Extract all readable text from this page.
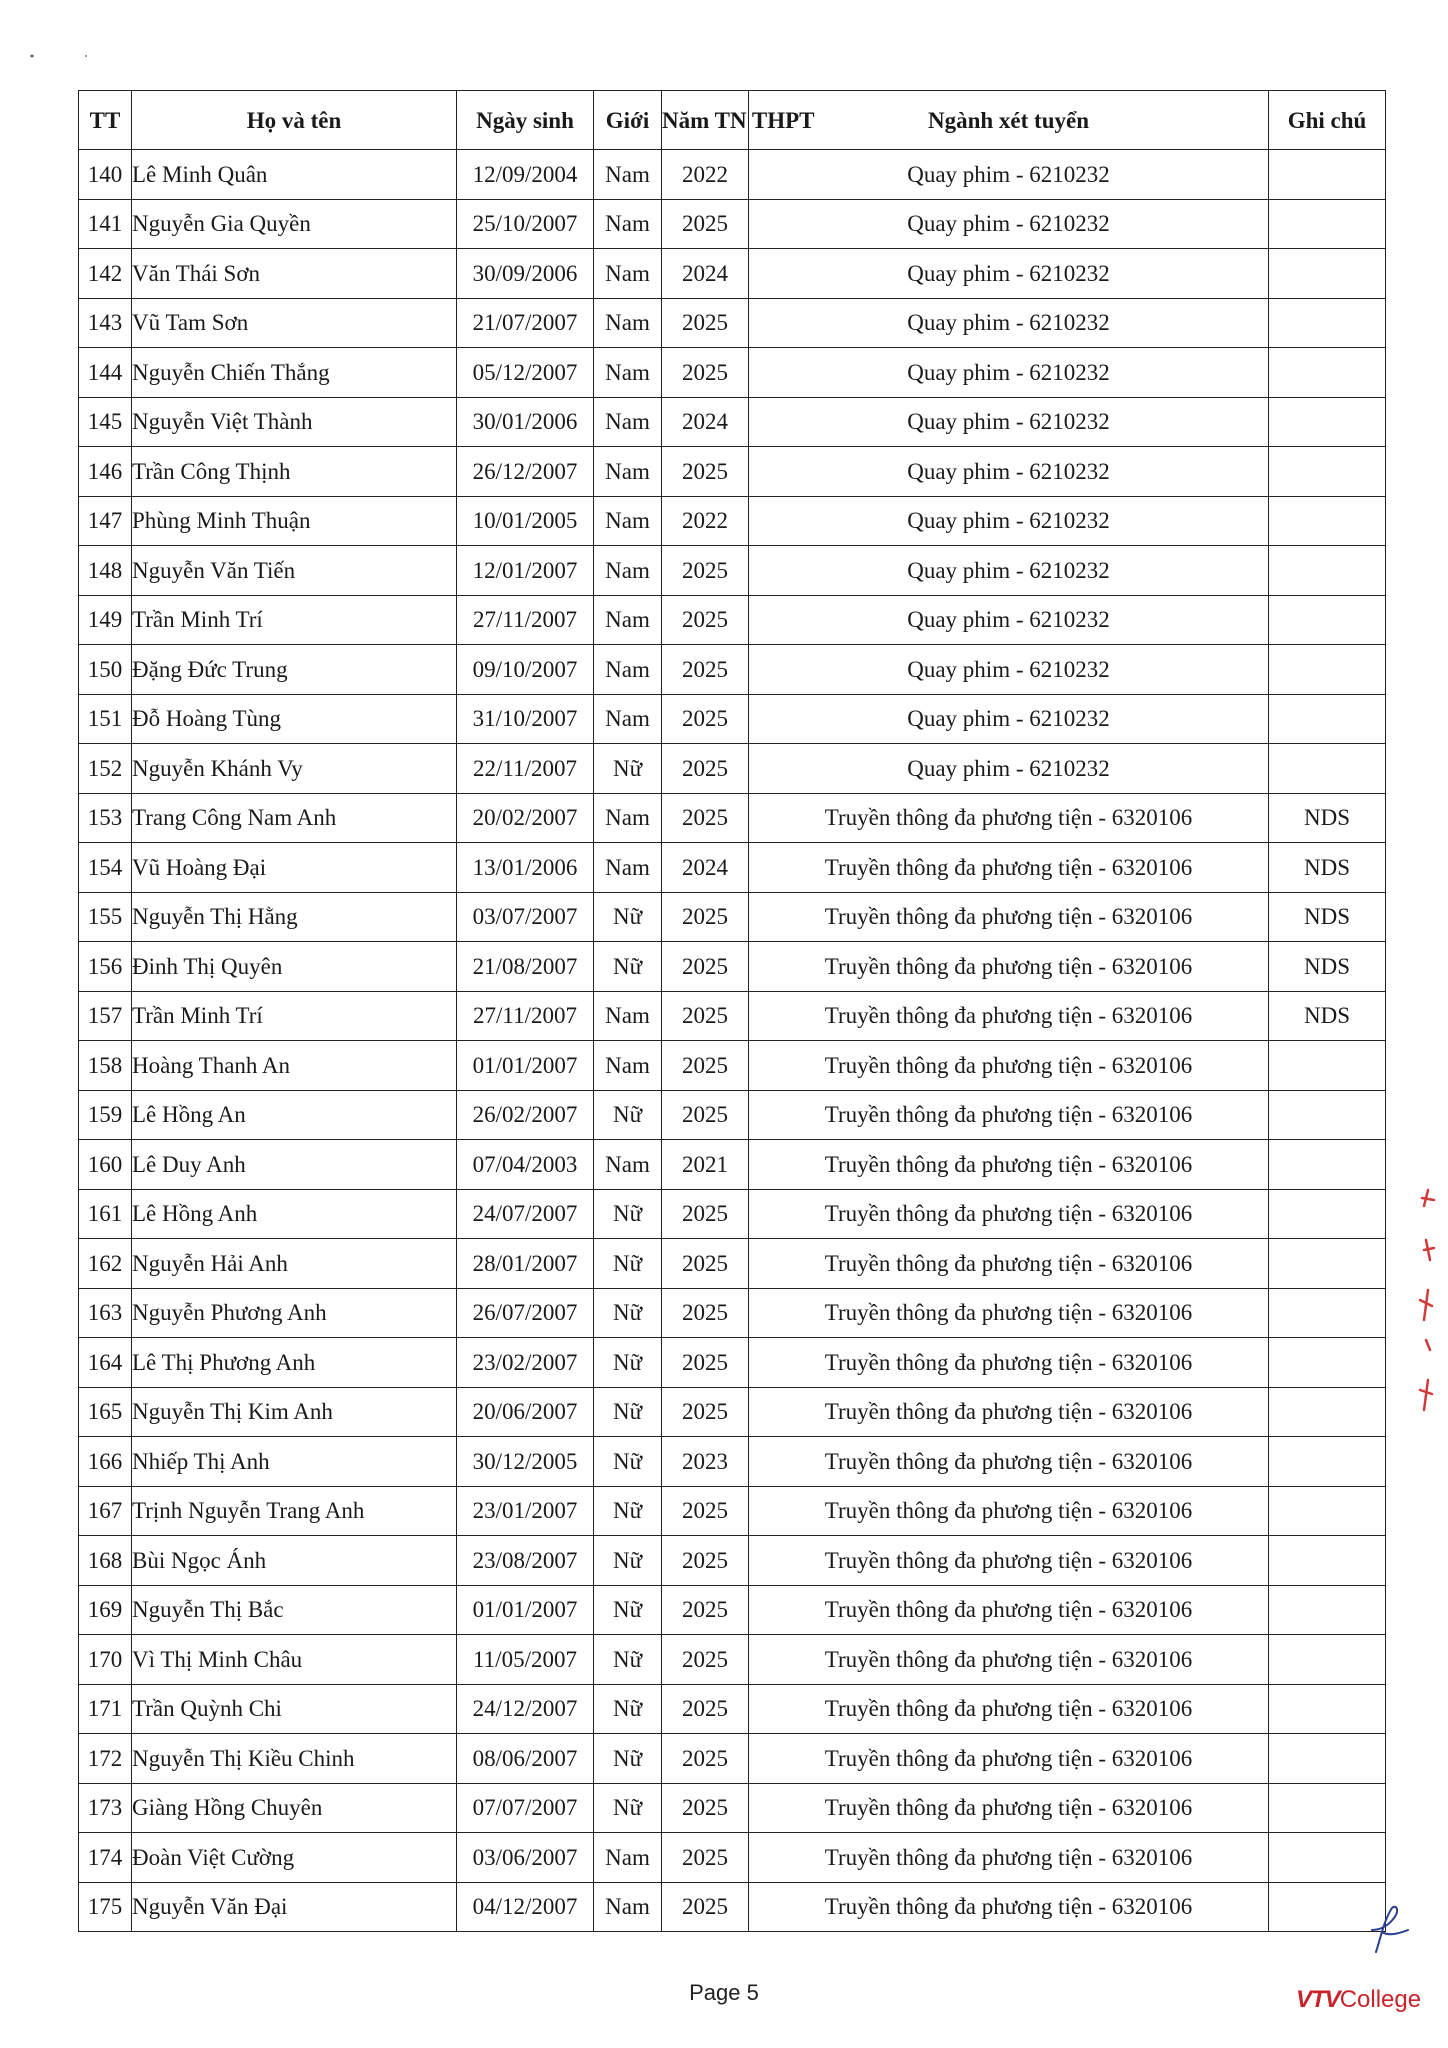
TT	Họ và tên	Ngày sinh	Giới	Năm TN THPT	Ngành xét tuyển	Ghi chú
140	Lê Minh Quân	12/09/2004	Nam	2022	Quay phim - 6210232	
141	Nguyễn Gia Quyền	25/10/2007	Nam	2025	Quay phim - 6210232	
142	Văn Thái Sơn	30/09/2006	Nam	2024	Quay phim - 6210232	
143	Vũ Tam Sơn	21/07/2007	Nam	2025	Quay phim - 6210232	
144	Nguyễn Chiến Thắng	05/12/2007	Nam	2025	Quay phim - 6210232	
145	Nguyễn Việt Thành	30/01/2006	Nam	2024	Quay phim - 6210232	
146	Trần Công Thịnh	26/12/2007	Nam	2025	Quay phim - 6210232	
147	Phùng Minh Thuận	10/01/2005	Nam	2022	Quay phim - 6210232	
148	Nguyễn Văn Tiến	12/01/2007	Nam	2025	Quay phim - 6210232	
149	Trần Minh Trí	27/11/2007	Nam	2025	Quay phim - 6210232	
150	Đặng Đức Trung	09/10/2007	Nam	2025	Quay phim - 6210232	
151	Đỗ Hoàng Tùng	31/10/2007	Nam	2025	Quay phim - 6210232	
152	Nguyễn Khánh Vy	22/11/2007	Nữ	2025	Quay phim - 6210232	
153	Trang Công Nam Anh	20/02/2007	Nam	2025	Truyền thông đa phương tiện - 6320106	NDS
154	Vũ Hoàng Đại	13/01/2006	Nam	2024	Truyền thông đa phương tiện - 6320106	NDS
155	Nguyễn Thị Hằng	03/07/2007	Nữ	2025	Truyền thông đa phương tiện - 6320106	NDS
156	Đinh Thị Quyên	21/08/2007	Nữ	2025	Truyền thông đa phương tiện - 6320106	NDS
157	Trần Minh Trí	27/11/2007	Nam	2025	Truyền thông đa phương tiện - 6320106	NDS
158	Hoàng Thanh An	01/01/2007	Nam	2025	Truyền thông đa phương tiện - 6320106	
159	Lê Hồng An	26/02/2007	Nữ	2025	Truyền thông đa phương tiện - 6320106	
160	Lê Duy Anh	07/04/2003	Nam	2021	Truyền thông đa phương tiện - 6320106	
161	Lê Hồng Anh	24/07/2007	Nữ	2025	Truyền thông đa phương tiện - 6320106	
162	Nguyễn Hải Anh	28/01/2007	Nữ	2025	Truyền thông đa phương tiện - 6320106	
163	Nguyễn Phương Anh	26/07/2007	Nữ	2025	Truyền thông đa phương tiện - 6320106	
164	Lê Thị Phương Anh	23/02/2007	Nữ	2025	Truyền thông đa phương tiện - 6320106	
165	Nguyễn Thị Kim Anh	20/06/2007	Nữ	2025	Truyền thông đa phương tiện - 6320106	
166	Nhiếp Thị Anh	30/12/2005	Nữ	2023	Truyền thông đa phương tiện - 6320106	
167	Trịnh Nguyễn Trang Anh	23/01/2007	Nữ	2025	Truyền thông đa phương tiện - 6320106	
168	Bùi Ngọc Ánh	23/08/2007	Nữ	2025	Truyền thông đa phương tiện - 6320106	
169	Nguyễn Thị Bắc	01/01/2007	Nữ	2025	Truyền thông đa phương tiện - 6320106	
170	Vì Thị Minh Châu	11/05/2007	Nữ	2025	Truyền thông đa phương tiện - 6320106	
171	Trần Quỳnh Chi	24/12/2007	Nữ	2025	Truyền thông đa phương tiện - 6320106	
172	Nguyễn Thị Kiều Chinh	08/06/2007	Nữ	2025	Truyền thông đa phương tiện - 6320106	
173	Giàng Hồng Chuyên	07/07/2007	Nữ	2025	Truyền thông đa phương tiện - 6320106	
174	Đoàn Việt Cường	03/06/2007	Nam	2025	Truyền thông đa phương tiện - 6320106	
175	Nguyễn Văn Đại	04/12/2007	Nam	2025	Truyền thông đa phương tiện - 6320106	
Page 5	VTVCollege
